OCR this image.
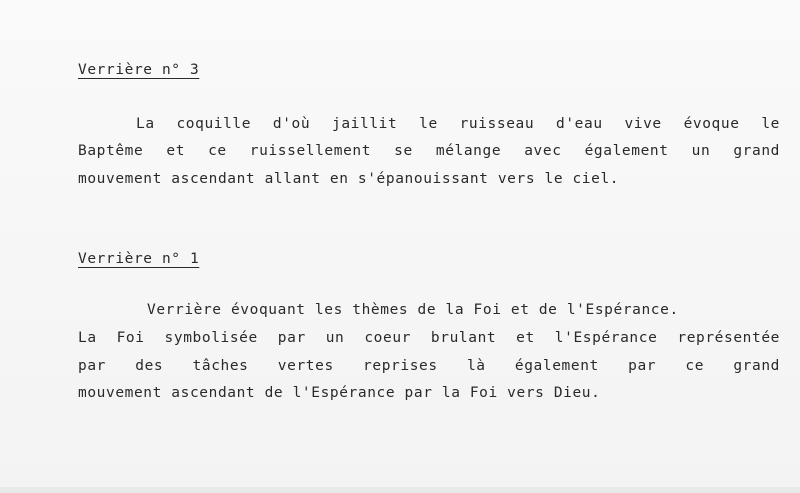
Verrière n° 3
La coquille d'où jaillit le ruisseau d'eau vive évoque le
Baptême et ce ruissellement se mélange avec également un grand
mouvement ascendant allant en s'épanouissant vers le ciel.
Verrière n° 1
Verrière évoquant les thèmes de la Foi et de l'Espérance.
La Foi symbolisée par un coeur brulant et l'Espérance représentée
par des tâches vertes reprises là également par ce grand
mouvement ascendant de l'Espérance par la Foi vers Dieu.
